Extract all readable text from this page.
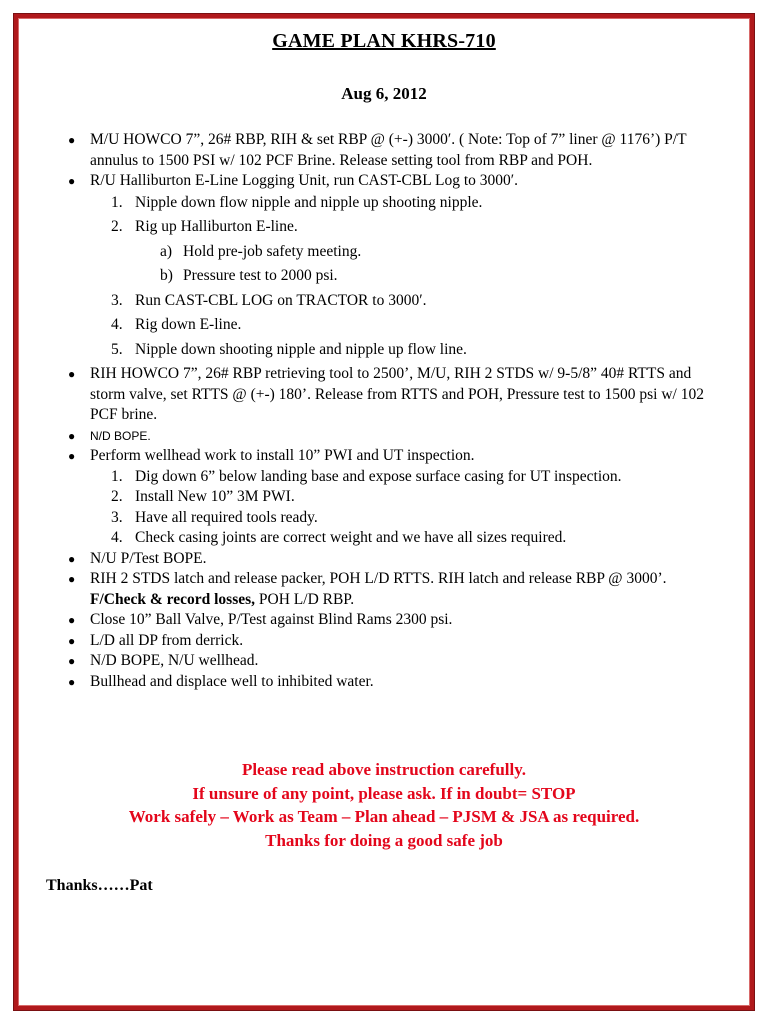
GAME PLAN KHRS-710
Aug 6, 2012
● M/U HOWCO 7”, 26# RBP, RIH & set RBP @ (+-) 3000′. ( Note: Top of 7” liner @ 1176’) P/T annulus to 1500 PSI w/ 102 PCF Brine. Release setting tool from RBP and POH.
● R/U Halliburton E-Line Logging Unit, run CAST-CBL Log to 3000′.
1. Nipple down flow nipple and nipple up shooting nipple.
2. Rig up Halliburton E-line.
a) Hold pre-job safety meeting.
b) Pressure test to 2000 psi.
3. Run CAST-CBL LOG on TRACTOR to 3000′.
4. Rig down E-line.
5. Nipple down shooting nipple and nipple up flow line.
● RIH HOWCO 7”, 26# RBP retrieving tool to 2500’, M/U, RIH 2 STDS w/ 9-5/8” 40# RTTS and storm valve, set RTTS @ (+-) 180’. Release from RTTS and POH, Pressure test to 1500 psi w/ 102 PCF brine.
● N/D BOPE.
● Perform wellhead work to install 10” PWI and UT inspection.
1. Dig down 6” below landing base and expose surface casing for UT inspection.
2. Install New 10” 3M PWI.
3. Have all required tools ready.
4. Check casing joints are correct weight and we have all sizes required.
● N/U P/Test BOPE.
● RIH 2 STDS latch and release packer, POH L/D RTTS. RIH latch and release RBP @ 3000’.  F/Check & record losses, POH L/D RBP.
● Close 10” Ball Valve, P/Test against Blind Rams 2300 psi.
● L/D all DP from derrick.
● N/D BOPE, N/U wellhead.
● Bullhead and displace well to inhibited water.
Please read above instruction carefully.
If unsure of any point, please ask. If in doubt= STOP
Work safely – Work as Team – Plan ahead – PJSM & JSA as required.
Thanks for doing a good safe job
Thanks……Pat
